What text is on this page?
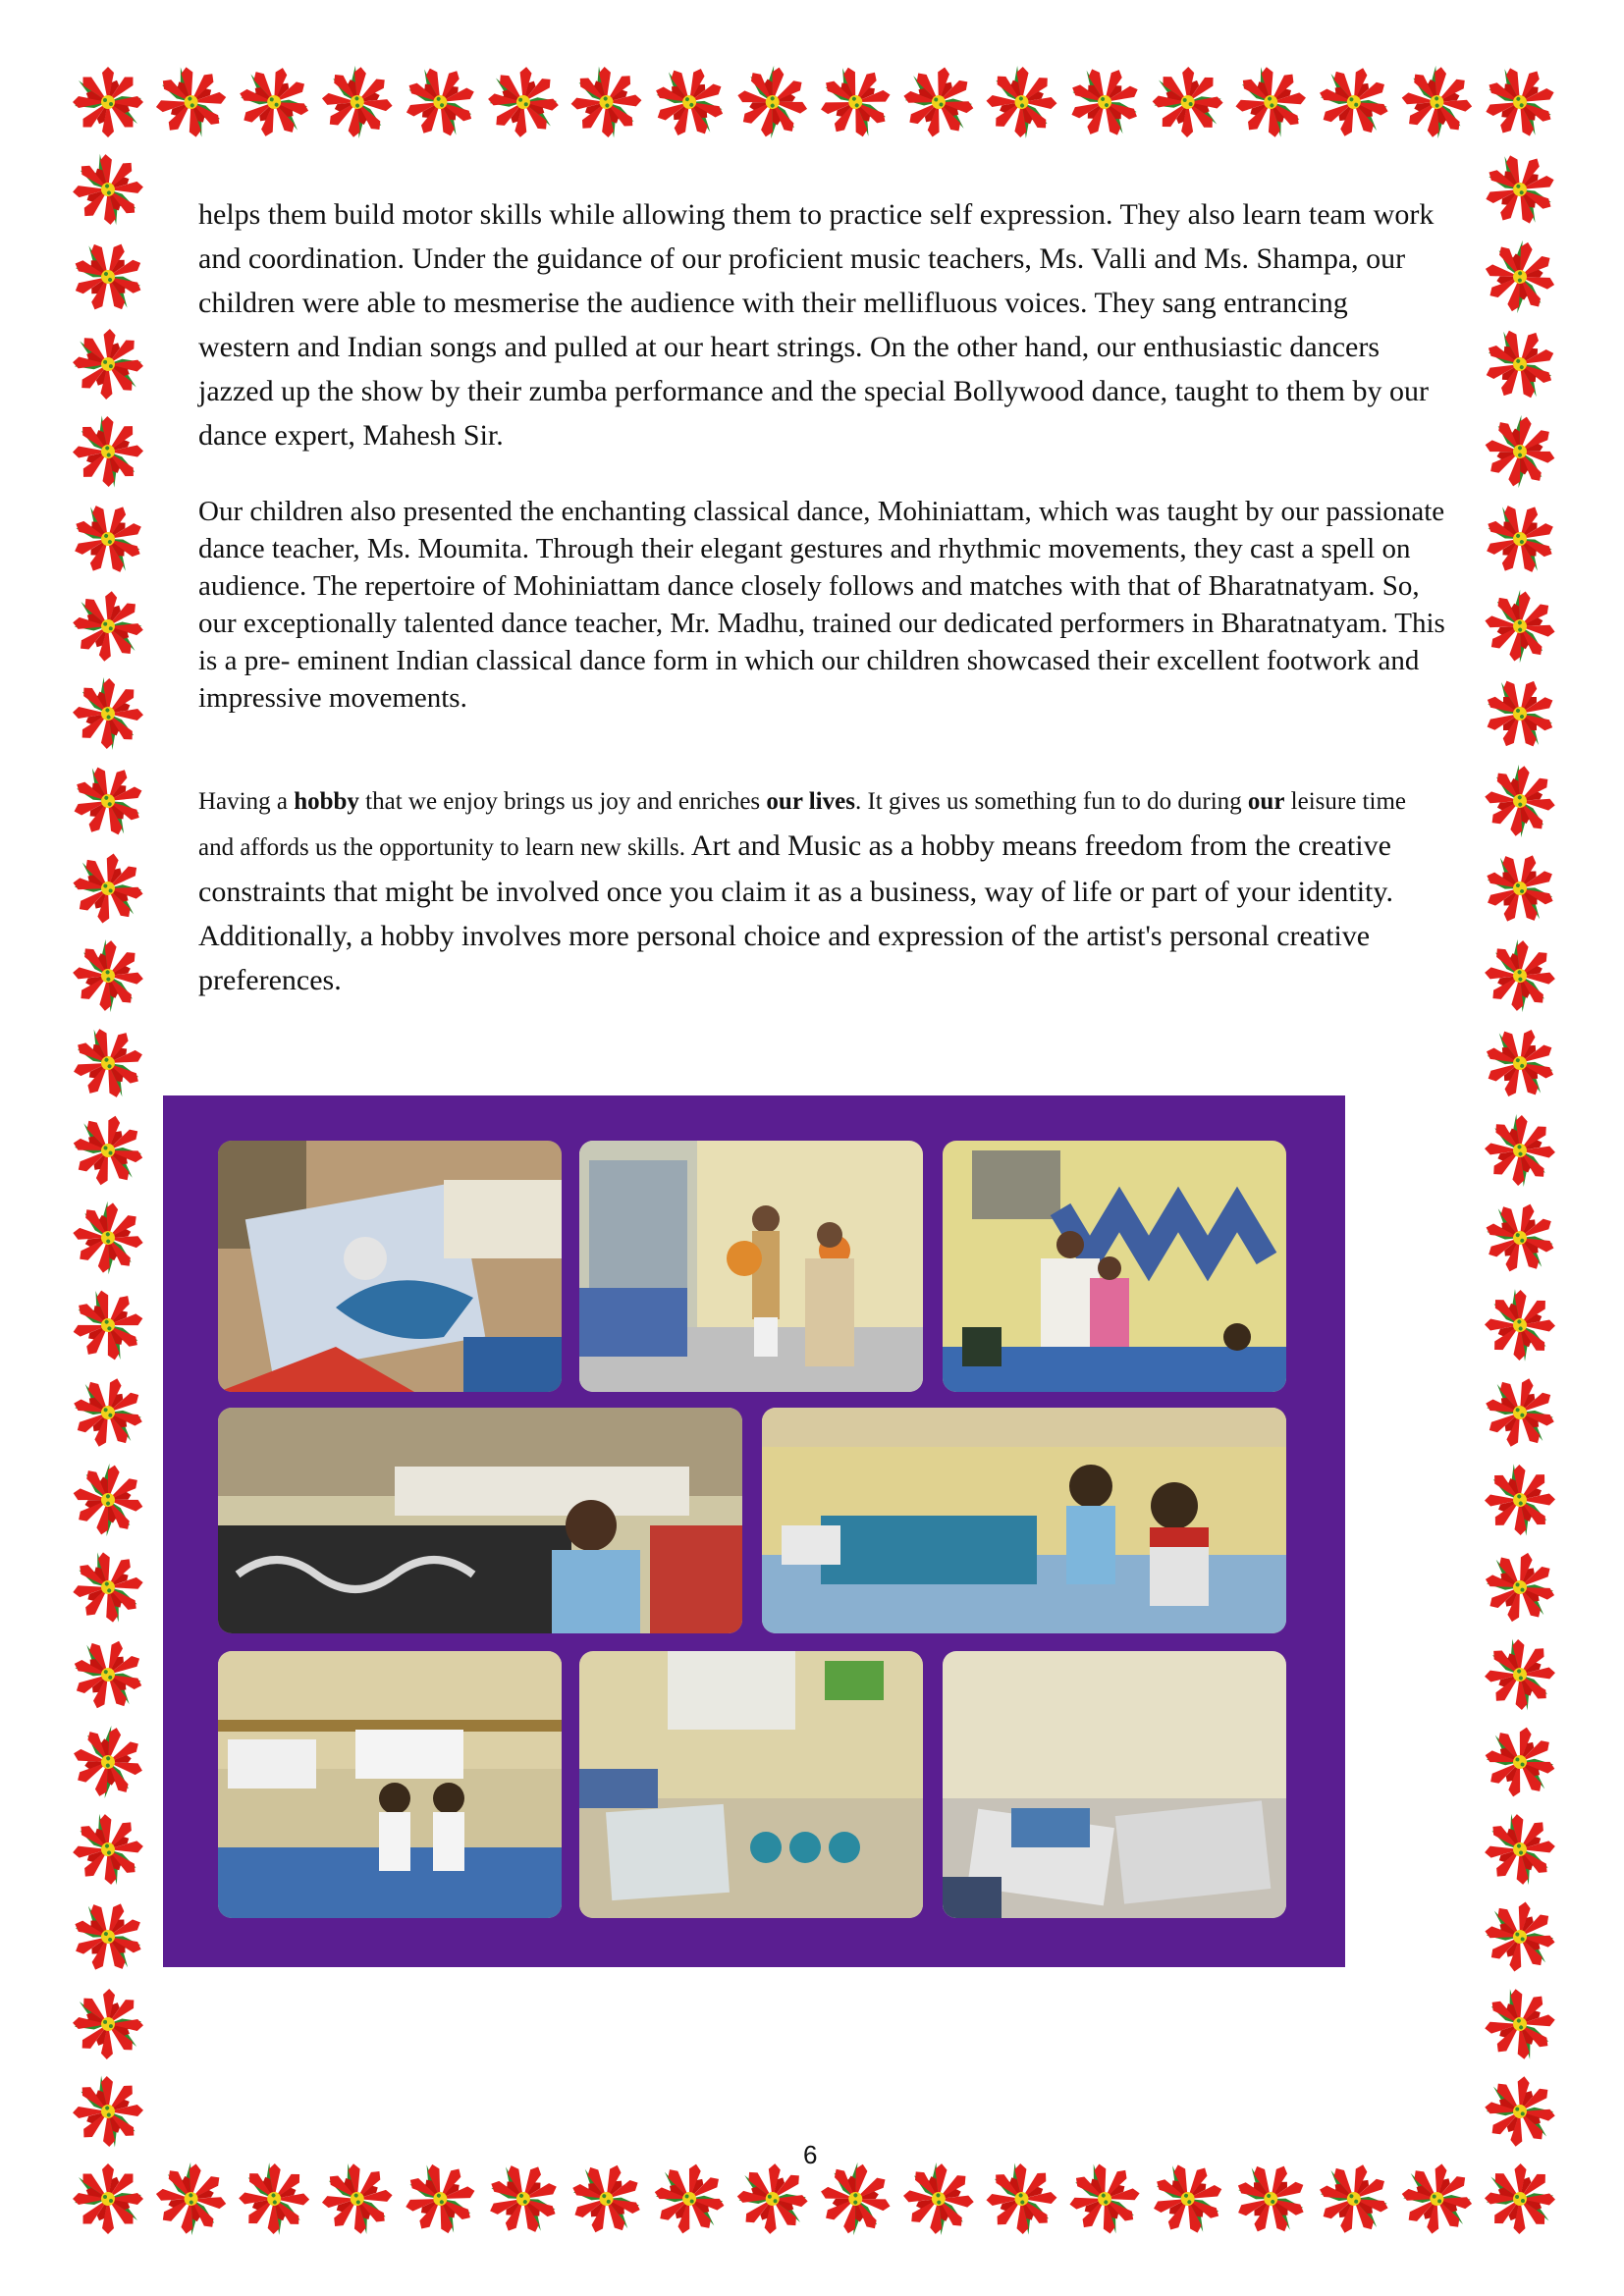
helps them build motor skills while allowing them to practice self expression. They also learn team work and coordination. Under the guidance of our proficient music teachers, Ms. Valli and Ms. Shampa, our children were able to mesmerise the audience with their mellifluous voices. They sang entrancing western and Indian songs and pulled at our heart strings. On the other hand, our enthusiastic dancers jazzed up the show by their zumba performance and the special Bollywood dance, taught to them by our dance expert, Mahesh Sir.

Our children also presented the enchanting classical dance, Mohiniattam, which was taught by our passionate dance teacher, Ms. Moumita. Through their elegant gestures and rhythmic movements, they cast a spell on audience. The repertoire of Mohiniattam dance closely follows and matches with that of Bharatnatyam. So, our exceptionally talented dance teacher, Mr. Madhu, trained our dedicated performers in Bharatnatyam. This is a pre- eminent Indian classical dance form in which our children showcased their excellent footwork and impressive movements.

Having a hobby that we enjoy brings us joy and enriches our lives. It gives us something fun to do during our leisure time and affords us the opportunity to learn new skills. Art and Music as a hobby means freedom from the creative constraints that might be involved once you claim it as a business, way of life or part of your identity.
Additionally, a hobby involves more personal choice and expression of the artist's personal creative preferences.

6
